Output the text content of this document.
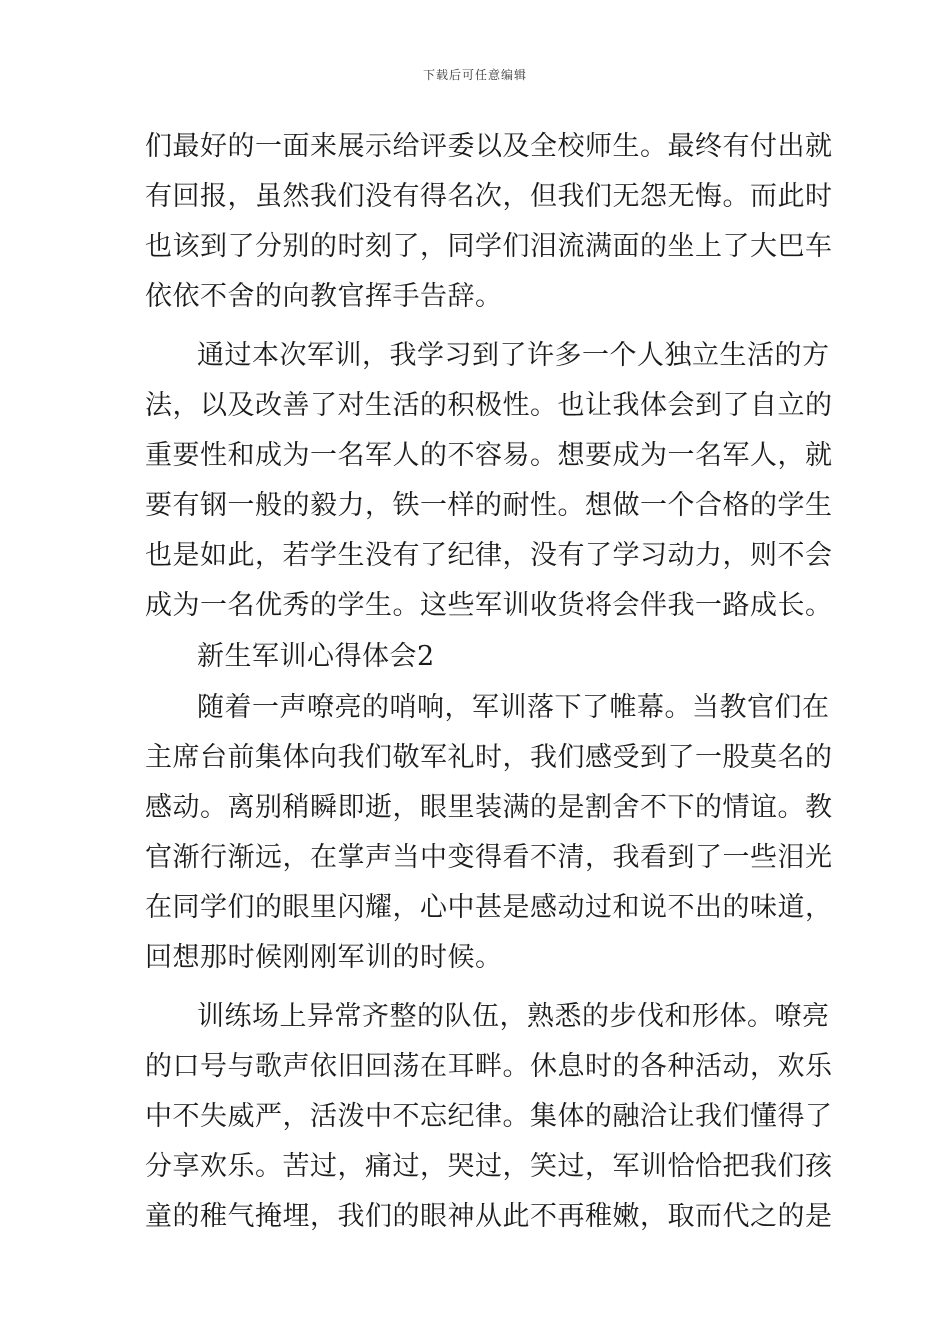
下载后可任意编辑
们最好的一面来展示给评委以及全校师生。最终有付出就
有回报，虽然我们没有得名次，但我们无怨无悔。而此时
也该到了分别的时刻了，同学们泪流满面的坐上了大巴车
依依不舍的向教官挥手告辞。
通过本次军训，我学习到了许多一个人独立生活的方
法，以及改善了对生活的积极性。也让我体会到了自立的
重要性和成为一名军人的不容易。想要成为一名军人，就
要有钢一般的毅力，铁一样的耐性。想做一个合格的学生
也是如此，若学生没有了纪律，没有了学习动力，则不会
成为一名优秀的学生。这些军训收货将会伴我一路成长。
新生军训心得体会2
随着一声嘹亮的哨响，军训落下了帷幕。当教官们在
主席台前集体向我们敬军礼时，我们感受到了一股莫名的
感动。离别稍瞬即逝，眼里装满的是割舍不下的情谊。教
官渐行渐远，在掌声当中变得看不清，我看到了一些泪光
在同学们的眼里闪耀，心中甚是感动过和说不出的味道，
回想那时候刚刚军训的时候。
训练场上异常齐整的队伍，熟悉的步伐和形体。嘹亮
的口号与歌声依旧回荡在耳畔。休息时的各种活动，欢乐
中不失威严，活泼中不忘纪律。集体的融洽让我们懂得了
分享欢乐。苦过，痛过，哭过，笑过，军训恰恰把我们孩
童的稚气掩埋，我们的眼神从此不再稚嫩，取而代之的是
